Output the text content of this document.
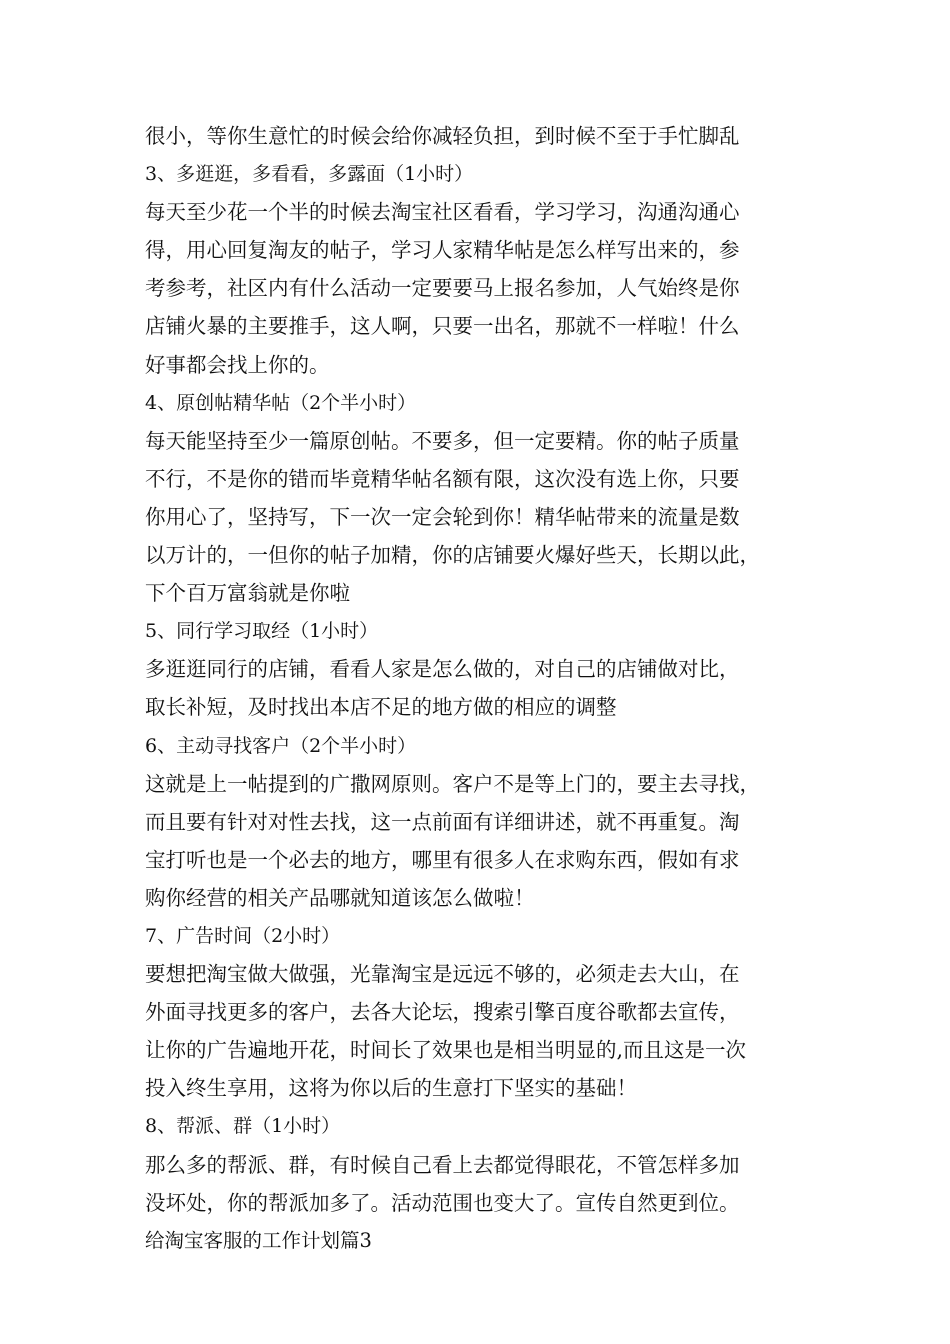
很小，等你生意忙的时候会给你减轻负担，到时候不至于手忙脚乱
3、多逛逛，多看看，多露面（1小时）
每天至少花一个半的时候去淘宝社区看看，学习学习，沟通沟通心
得，用心回复淘友的帖子，学习人家精华帖是怎么样写出来的，参
考参考，社区内有什么活动一定要要马上报名参加，人气始终是你
店铺火暴的主要推手，这人啊，只要一出名，那就不一样啦！什么
好事都会找上你的。
4、原创帖精华帖（2个半小时）
每天能坚持至少一篇原创帖。不要多，但一定要精。你的帖子质量
不行，不是你的错而毕竟精华帖名额有限，这次没有选上你，只要
你用心了，坚持写，下一次一定会轮到你！精华帖带来的流量是数
以万计的，一但你的帖子加精，你的店铺要火爆好些天，长期以此，
下个百万富翁就是你啦
5、同行学习取经（1小时）
多逛逛同行的店铺，看看人家是怎么做的，对自己的店铺做对比，
取长补短，及时找出本店不足的地方做的相应的调整
6、主动寻找客户（2个半小时）
这就是上一帖提到的广撒网原则。客户不是等上门的，要主去寻找，
而且要有针对对性去找，这一点前面有详细讲述，就不再重复。淘
宝打听也是一个必去的地方，哪里有很多人在求购东西，假如有求
购你经营的相关产品哪就知道该怎么做啦！
7、广告时间（2小时）
要想把淘宝做大做强，光靠淘宝是远远不够的，必须走去大山，在
外面寻找更多的客户，去各大论坛，搜索引擎百度谷歌都去宣传，
让你的广告遍地开花，时间长了效果也是相当明显的,而且这是一次
投入终生享用，这将为你以后的生意打下坚实的基础！
8、帮派、群（1小时）
那么多的帮派、群，有时候自己看上去都觉得眼花，不管怎样多加
没坏处，你的帮派加多了。活动范围也变大了。宣传自然更到位。
给淘宝客服的工作计划篇3
